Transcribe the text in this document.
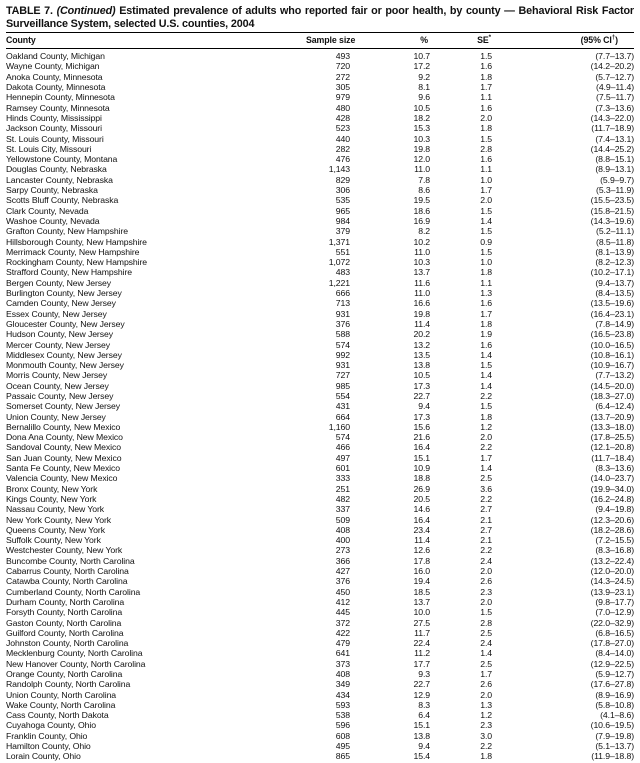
TABLE 7. (Continued) Estimated prevalence of adults who reported fair or poor health, by county — Behavioral Risk Factor Surveillance System, selected U.S. counties, 2004
County	Sample size	%	SE*	(95% CI†)
Oakland County, Michigan	493	10.7	1.5	(7.7–13.7)
Wayne County, Michigan	720	17.2	1.6	(14.2–20.2)
Anoka County, Minnesota	272	9.2	1.8	(5.7–12.7)
Dakota County, Minnesota	305	8.1	1.7	(4.9–11.4)
Hennepin County, Minnesota	979	9.6	1.1	(7.5–11.7)
Ramsey County, Minnesota	480	10.5	1.6	(7.3–13.6)
Hinds County, Mississippi	428	18.2	2.0	(14.3–22.0)
Jackson County, Missouri	523	15.3	1.8	(11.7–18.9)
St. Louis County, Missouri	440	10.3	1.5	(7.4–13.1)
St. Louis City, Missouri	282	19.8	2.8	(14.4–25.2)
Yellowstone County, Montana	476	12.0	1.6	(8.8–15.1)
Douglas County, Nebraska	1,143	11.0	1.1	(8.9–13.1)
Lancaster County, Nebraska	829	7.8	1.0	(5.9–9.7)
Sarpy County, Nebraska	306	8.6	1.7	(5.3–11.9)
Scotts Bluff County, Nebraska	535	19.5	2.0	(15.5–23.5)
Clark County, Nevada	965	18.6	1.5	(15.8–21.5)
Washoe County, Nevada	984	16.9	1.4	(14.3–19.6)
Grafton County, New Hampshire	379	8.2	1.5	(5.2–11.1)
Hillsborough County, New Hampshire	1,371	10.2	0.9	(8.5–11.8)
Merrimack County, New Hampshire	551	11.0	1.5	(8.1–13.9)
Rockingham County, New Hampshire	1,072	10.3	1.0	(8.2–12.3)
Strafford County, New Hampshire	483	13.7	1.8	(10.2–17.1)
Bergen County, New Jersey	1,221	11.6	1.1	(9.4–13.7)
Burlington County, New Jersey	666	11.0	1.3	(8.4–13.5)
Camden County, New Jersey	713	16.6	1.6	(13.5–19.6)
Essex County, New Jersey	931	19.8	1.7	(16.4–23.1)
Gloucester County, New Jersey	376	11.4	1.8	(7.8–14.9)
Hudson County, New Jersey	588	20.2	1.9	(16.5–23.8)
Mercer County, New Jersey	574	13.2	1.6	(10.0–16.5)
Middlesex County, New Jersey	992	13.5	1.4	(10.8–16.1)
Monmouth County, New Jersey	931	13.8	1.5	(10.9–16.7)
Morris County, New Jersey	727	10.5	1.4	(7.7–13.2)
Ocean County, New Jersey	985	17.3	1.4	(14.5–20.0)
Passaic County, New Jersey	554	22.7	2.2	(18.3–27.0)
Somerset County, New Jersey	431	9.4	1.5	(6.4–12.4)
Union County, New Jersey	664	17.3	1.8	(13.7–20.9)
Bernalillo County, New Mexico	1,160	15.6	1.2	(13.3–18.0)
Dona Ana County, New Mexico	574	21.6	2.0	(17.8–25.5)
Sandoval County, New Mexico	466	16.4	2.2	(12.1–20.8)
San Juan County, New Mexico	497	15.1	1.7	(11.7–18.4)
Santa Fe County, New Mexico	601	10.9	1.4	(8.3–13.6)
Valencia County, New Mexico	333	18.8	2.5	(14.0–23.7)
Bronx County, New York	251	26.9	3.6	(19.9–34.0)
Kings County, New York	482	20.5	2.2	(16.2–24.8)
Nassau County, New York	337	14.6	2.7	(9.4–19.8)
New York County, New York	509	16.4	2.1	(12.3–20.6)
Queens County, New York	408	23.4	2.7	(18.2–28.6)
Suffolk County, New York	400	11.4	2.1	(7.2–15.5)
Westchester County, New York	273	12.6	2.2	(8.3–16.8)
Buncombe County, North Carolina	366	17.8	2.4	(13.2–22.4)
Cabarrus County, North Carolina	427	16.0	2.0	(12.0–20.0)
Catawba County, North Carolina	376	19.4	2.6	(14.3–24.5)
Cumberland County, North Carolina	450	18.5	2.3	(13.9–23.1)
Durham County, North Carolina	412	13.7	2.0	(9.8–17.7)
Forsyth County, North Carolina	445	10.0	1.5	(7.0–12.9)
Gaston County, North Carolina	372	27.5	2.8	(22.0–32.9)
Guilford County, North Carolina	422	11.7	2.5	(6.8–16.5)
Johnston County, North Carolina	479	22.4	2.4	(17.8–27.0)
Mecklenburg County, North Carolina	641	11.2	1.4	(8.4–14.0)
New Hanover County, North Carolina	373	17.7	2.5	(12.9–22.5)
Orange County, North Carolina	408	9.3	1.7	(5.9–12.7)
Randolph County, North Carolina	349	22.7	2.6	(17.6–27.8)
Union County, North Carolina	434	12.9	2.0	(8.9–16.9)
Wake County, North Carolina	593	8.3	1.3	(5.8–10.8)
Cass County, North Dakota	538	6.4	1.2	(4.1–8.6)
Cuyahoga County, Ohio	596	15.1	2.3	(10.6–19.5)
Franklin County, Ohio	608	13.8	3.0	(7.9–19.8)
Hamilton County, Ohio	495	9.4	2.2	(5.1–13.7)
Lorain County, Ohio	865	15.4	1.8	(11.9–18.8)
